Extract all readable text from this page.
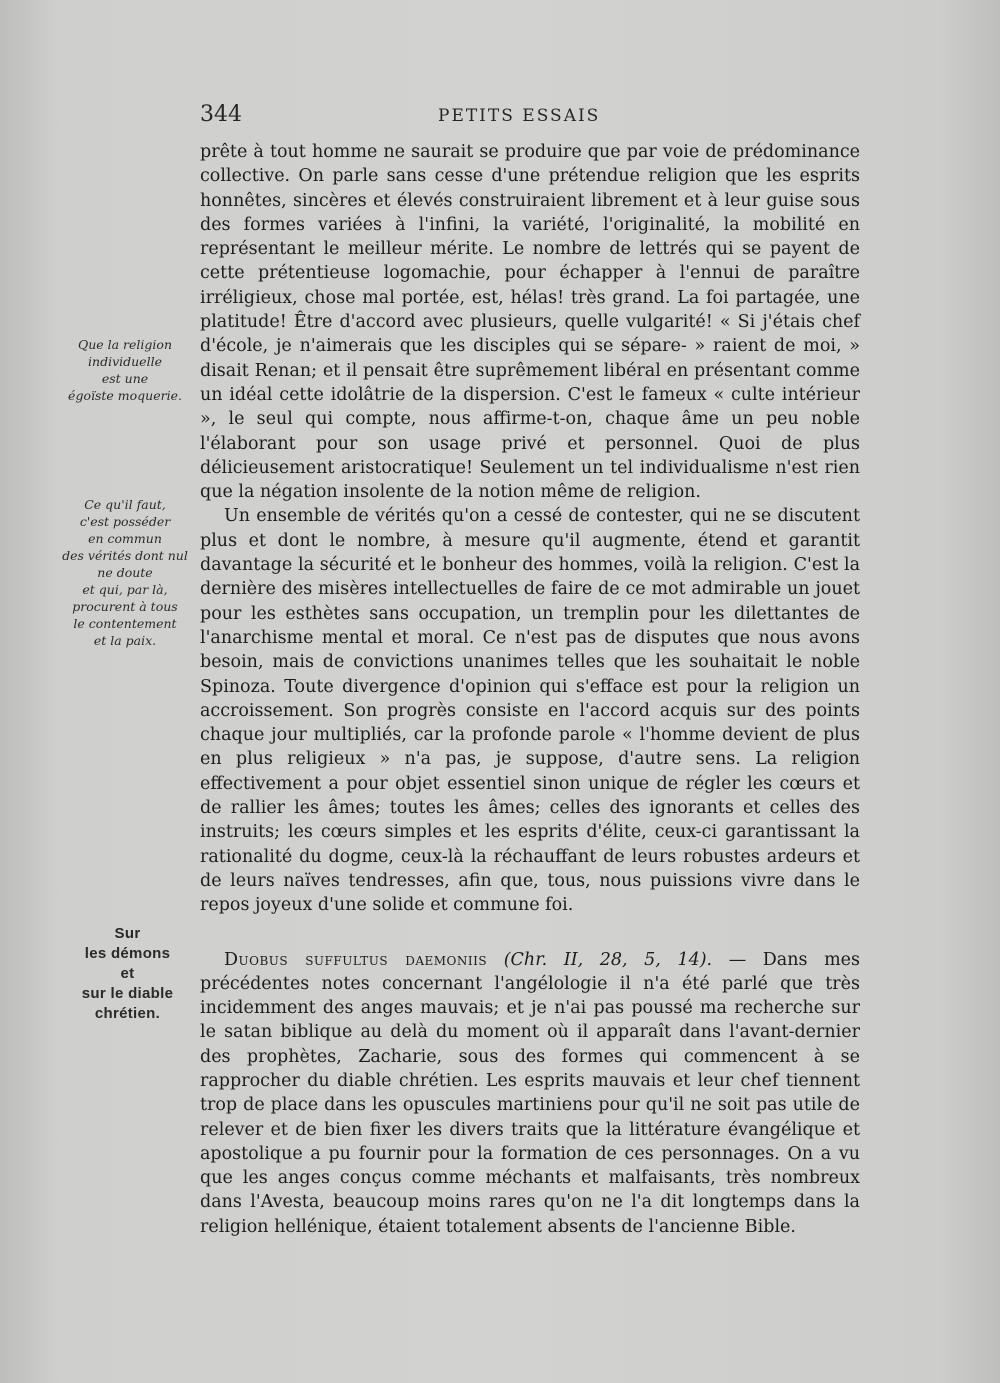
344	PETITS ESSAIS
Que la religion
individuelle
est une
égoïste moquerie.
Ce qu'il faut,
c'est posséder
en commun
des vérités dont nul
ne doute
et qui, par là,
procurent à tous
le contentement
et la paix.
Sur
les démons
et
sur le diable
chrétien.

prête à tout homme ne saurait se produire que par voie de prédominance collective. On parle sans cesse d'une prétendue religion que les esprits honnêtes, sincères et élevés construiraient librement et à leur guise sous des formes variées à l'infini, la variété, l'originalité, la mobilité en représentant le meilleur mérite. Le nombre de lettrés qui se payent de cette prétentieuse logomachie, pour échapper à l'ennui de paraître irréligieux, chose mal portée, est, hélas! très grand. La foi partagée, une platitude! Être d'accord avec plusieurs, quelle vulgarité! « Si j'étais chef d'école, je n'aimerais que les disciples qui se sépare- » raient de moi, » disait Renan; et il pensait être suprêmement libéral en présentant comme un idéal cette idolâtrie de la dispersion. C'est le fameux « culte intérieur », le seul qui compte, nous affirme-t-on, chaque âme un peu noble l'élaborant pour son usage privé et personnel. Quoi de plus délicieusement aristocratique! Seulement un tel individualisme n'est rien que la négation insolente de la notion même de religion.

Un ensemble de vérités qu'on a cessé de contester, qui ne se discutent plus et dont le nombre, à mesure qu'il augmente, étend et garantit davantage la sécurité et le bonheur des hommes, voilà la religion. C'est la dernière des misères intellectuelles de faire de ce mot admirable un jouet pour les esthètes sans occupation, un tremplin pour les dilettantes de l'anarchisme mental et moral. Ce n'est pas de disputes que nous avons besoin, mais de convictions unanimes telles que les souhaitait le noble Spinoza. Toute divergence d'opinion qui s'efface est pour la religion un accroissement. Son progrès consiste en l'accord acquis sur des points chaque jour multipliés, car la profonde parole « l'homme devient de plus en plus religieux » n'a pas, je suppose, d'autre sens. La religion effectivement a pour objet essentiel sinon unique de régler les cœurs et de rallier les âmes; toutes les âmes; celles des ignorants et celles des instruits; les cœurs simples et les esprits d'élite, ceux-ci garantissant la rationalité du dogme, ceux-là la réchauffant de leurs robustes ardeurs et de leurs naïves tendresses, afin que, tous, nous puissions vivre dans le repos joyeux d'une solide et commune foi.

Duobus suffultus daemoniis (Chr. II, 28, 5, 14). — Dans mes précédentes notes concernant l'angélologie il n'a été parlé que très incidemment des anges mauvais; et je n'ai pas poussé ma recherche sur le satan biblique au delà du moment où il apparaît dans l'avant-dernier des prophètes, Zacharie, sous des formes qui commencent à se rapprocher du diable chrétien. Les esprits mauvais et leur chef tiennent trop de place dans les opuscules martiniens pour qu'il ne soit pas utile de relever et de bien fixer les divers traits que la littérature évangélique et apostolique a pu fournir pour la formation de ces personnages. On a vu que les anges conçus comme méchants et malfaisants, très nombreux dans l'Avesta, beaucoup moins rares qu'on ne l'a dit longtemps dans la religion hellénique, étaient totalement absents de l'ancienne Bible.
